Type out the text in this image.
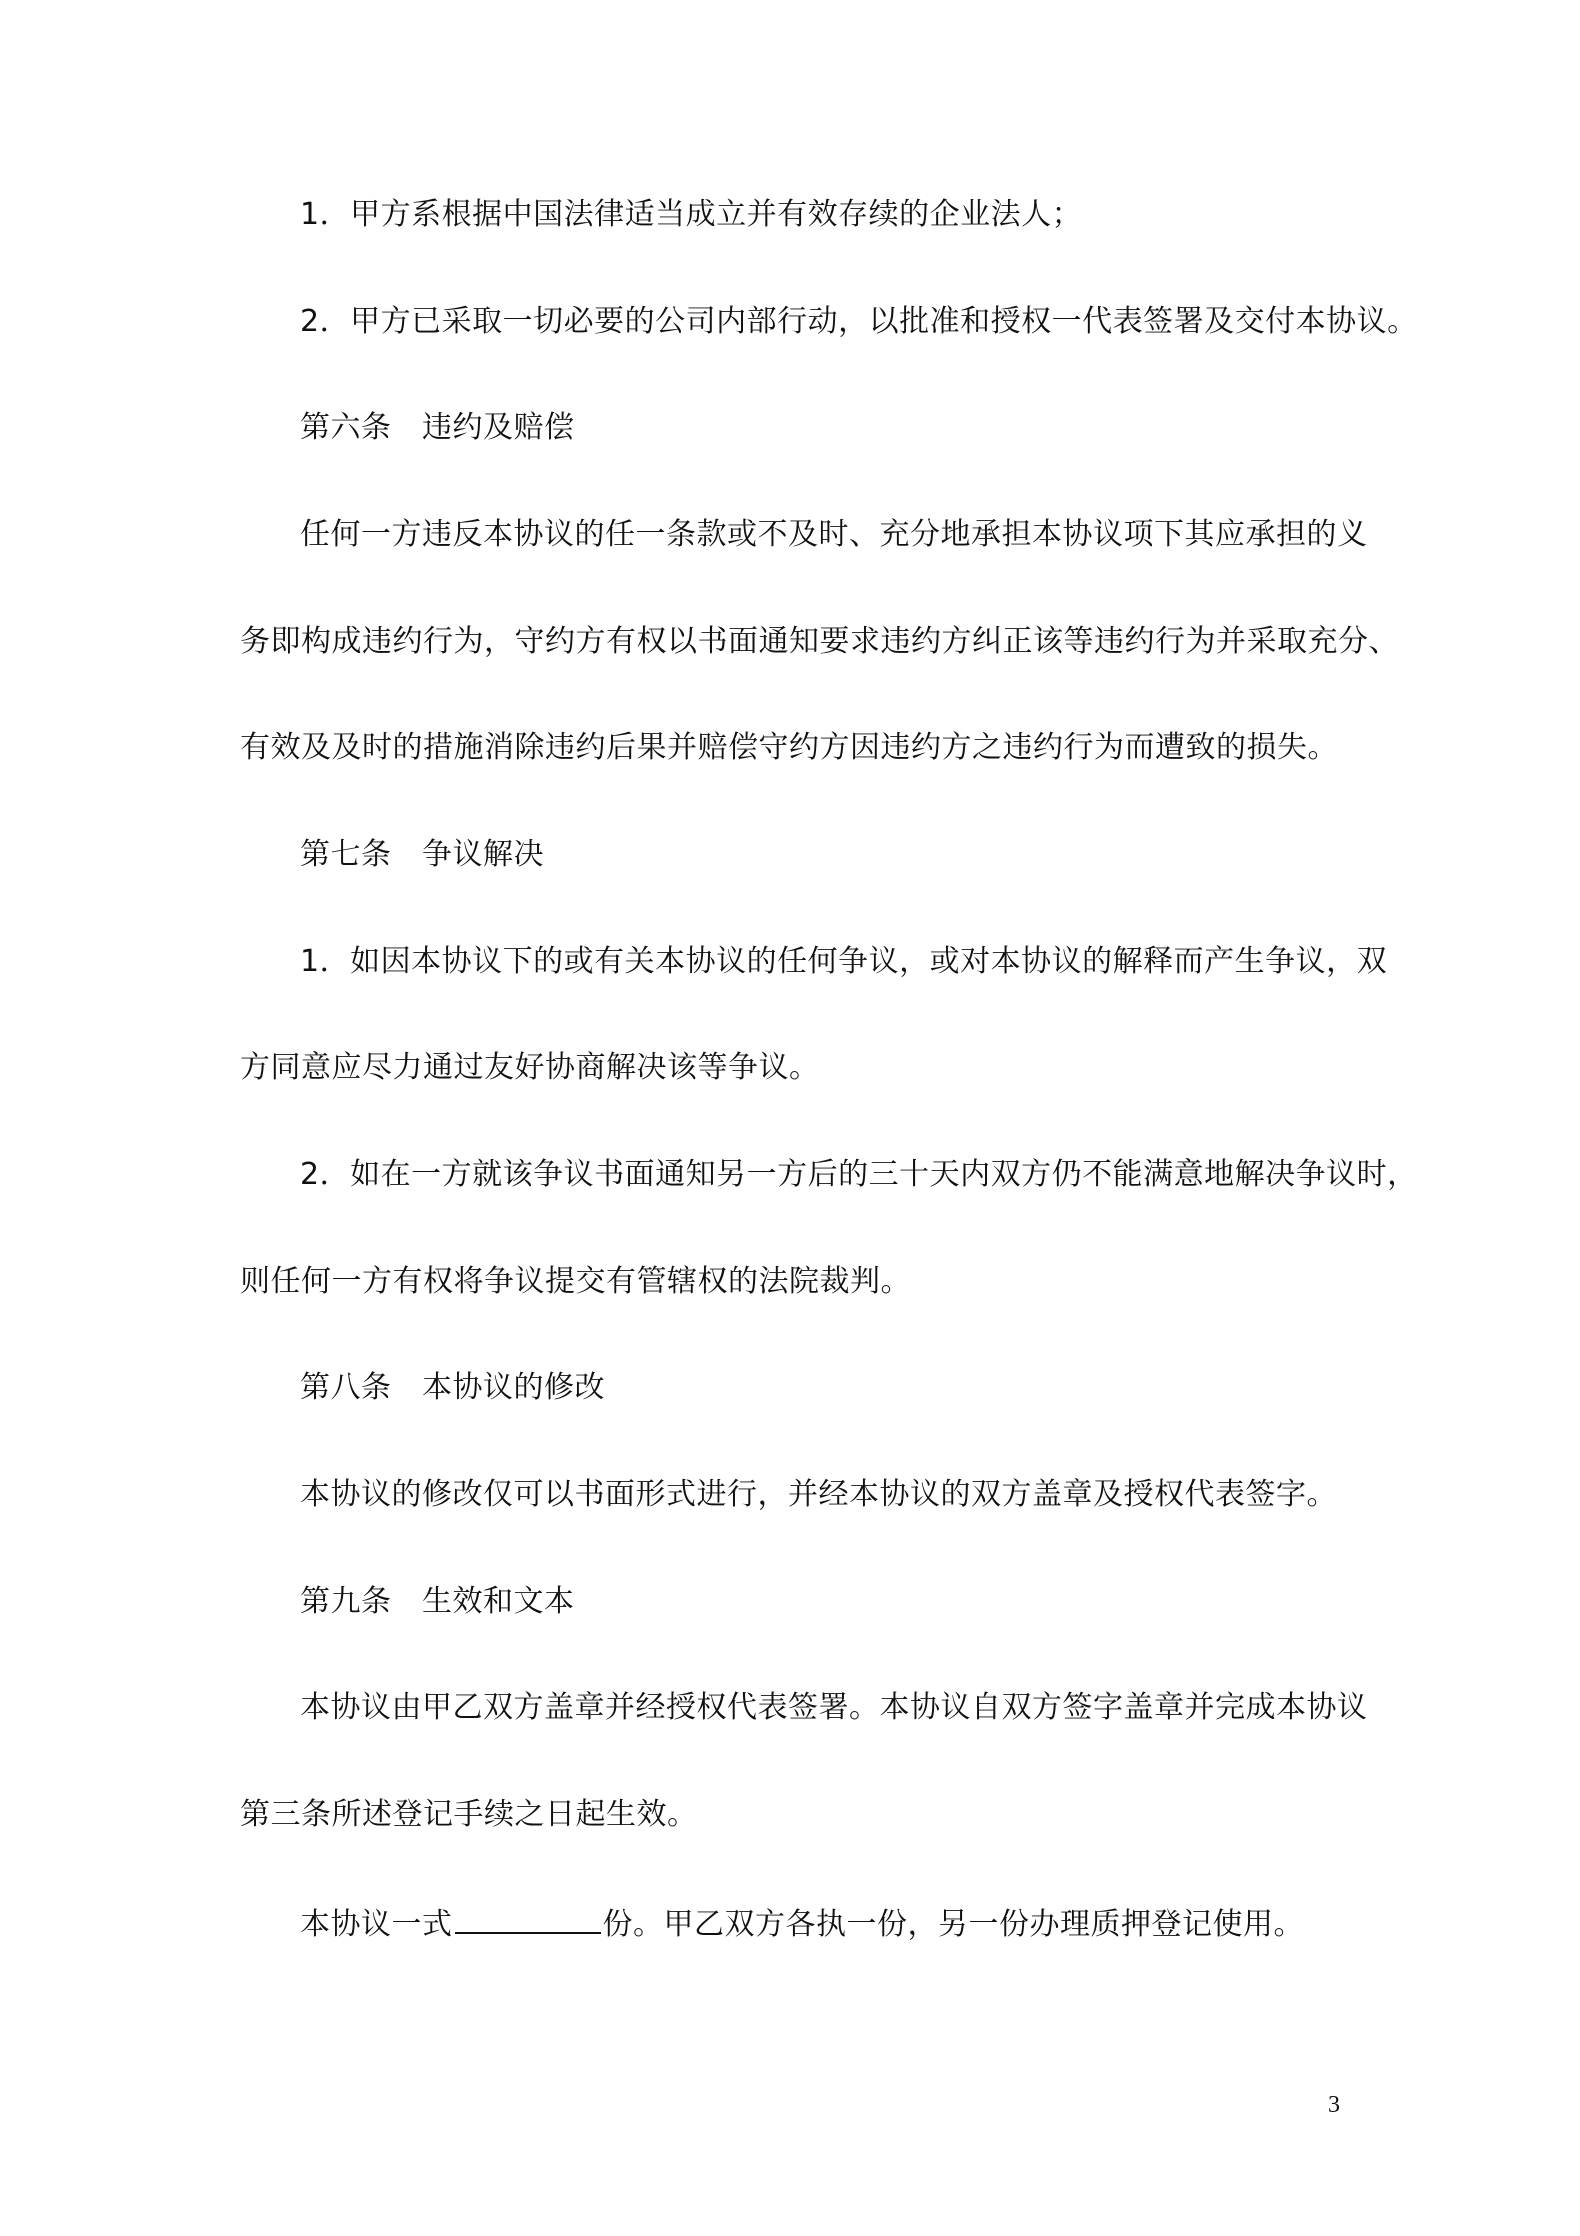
1．甲方系根据中国法律适当成立并有效存续的企业法人；
2．甲方已采取一切必要的公司内部行动，以批准和授权一代表签署及交付本协议。
第六条　违约及赔偿
任何一方违反本协议的任一条款或不及时、充分地承担本协议项下其应承担的义
务即构成违约行为，守约方有权以书面通知要求违约方纠正该等违约行为并采取充分、
有效及及时的措施消除违约后果并赔偿守约方因违约方之违约行为而遭致的损失。
第七条　争议解决
1．如因本协议下的或有关本协议的任何争议，或对本协议的解释而产生争议，双
方同意应尽力通过友好协商解决该等争议。
2．如在一方就该争议书面通知另一方后的三十天内双方仍不能满意地解决争议时，
则任何一方有权将争议提交有管辖权的法院裁判。
第八条　本协议的修改
本协议的修改仅可以书面形式进行，并经本协议的双方盖章及授权代表签字。
第九条　生效和文本
本协议由甲乙双方盖章并经授权代表签署。本协议自双方签字盖章并完成本协议
第三条所述登记手续之日起生效。
本协议一式	份。甲乙双方各执一份，另一份办理质押登记使用。
3
